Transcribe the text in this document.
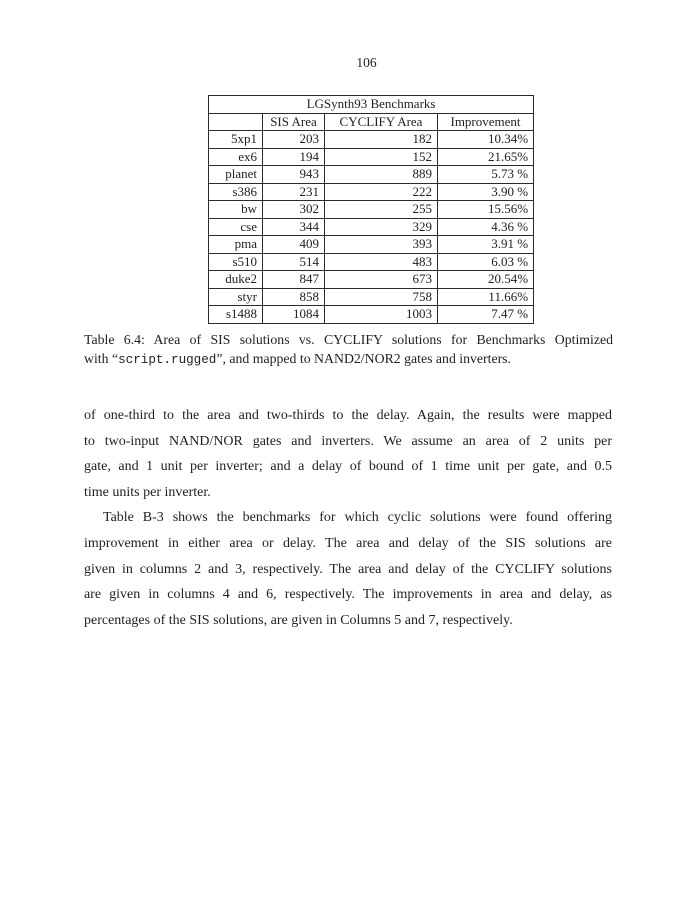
106
LGSynth93 Benchmarks			
	SIS Area	CYCLIFY Area	Improvement
5xp1	203	182	10.34%
ex6	194	152	21.65%
planet	943	889	5.73 %
s386	231	222	3.90 %
bw	302	255	15.56%
cse	344	329	4.36 %
pma	409	393	3.91 %
s510	514	483	6.03 %
duke2	847	673	20.54%
styr	858	758	11.66%
s1488	1084	1003	7.47 %
Table 6.4: Area of SIS solutions vs. CYCLIFY solutions for Benchmarks Optimized
with “script.rugged”, and mapped to NAND2/NOR2 gates and inverters.

of one-third to the area and two-thirds to the delay. Again, the results were mapped
to two-input NAND/NOR gates and inverters. We assume an area of 2 units per
gate, and 1 unit per inverter; and a delay of bound of 1 time unit per gate, and 0.5
time units per inverter.

Table B-3 shows the benchmarks for which cyclic solutions were found offering
improvement in either area or delay. The area and delay of the SIS solutions are
given in columns 2 and 3, respectively. The area and delay of the CYCLIFY solutions
are given in columns 4 and 6, respectively. The improvements in area and delay, as
percentages of the SIS solutions, are given in Columns 5 and 7, respectively.
